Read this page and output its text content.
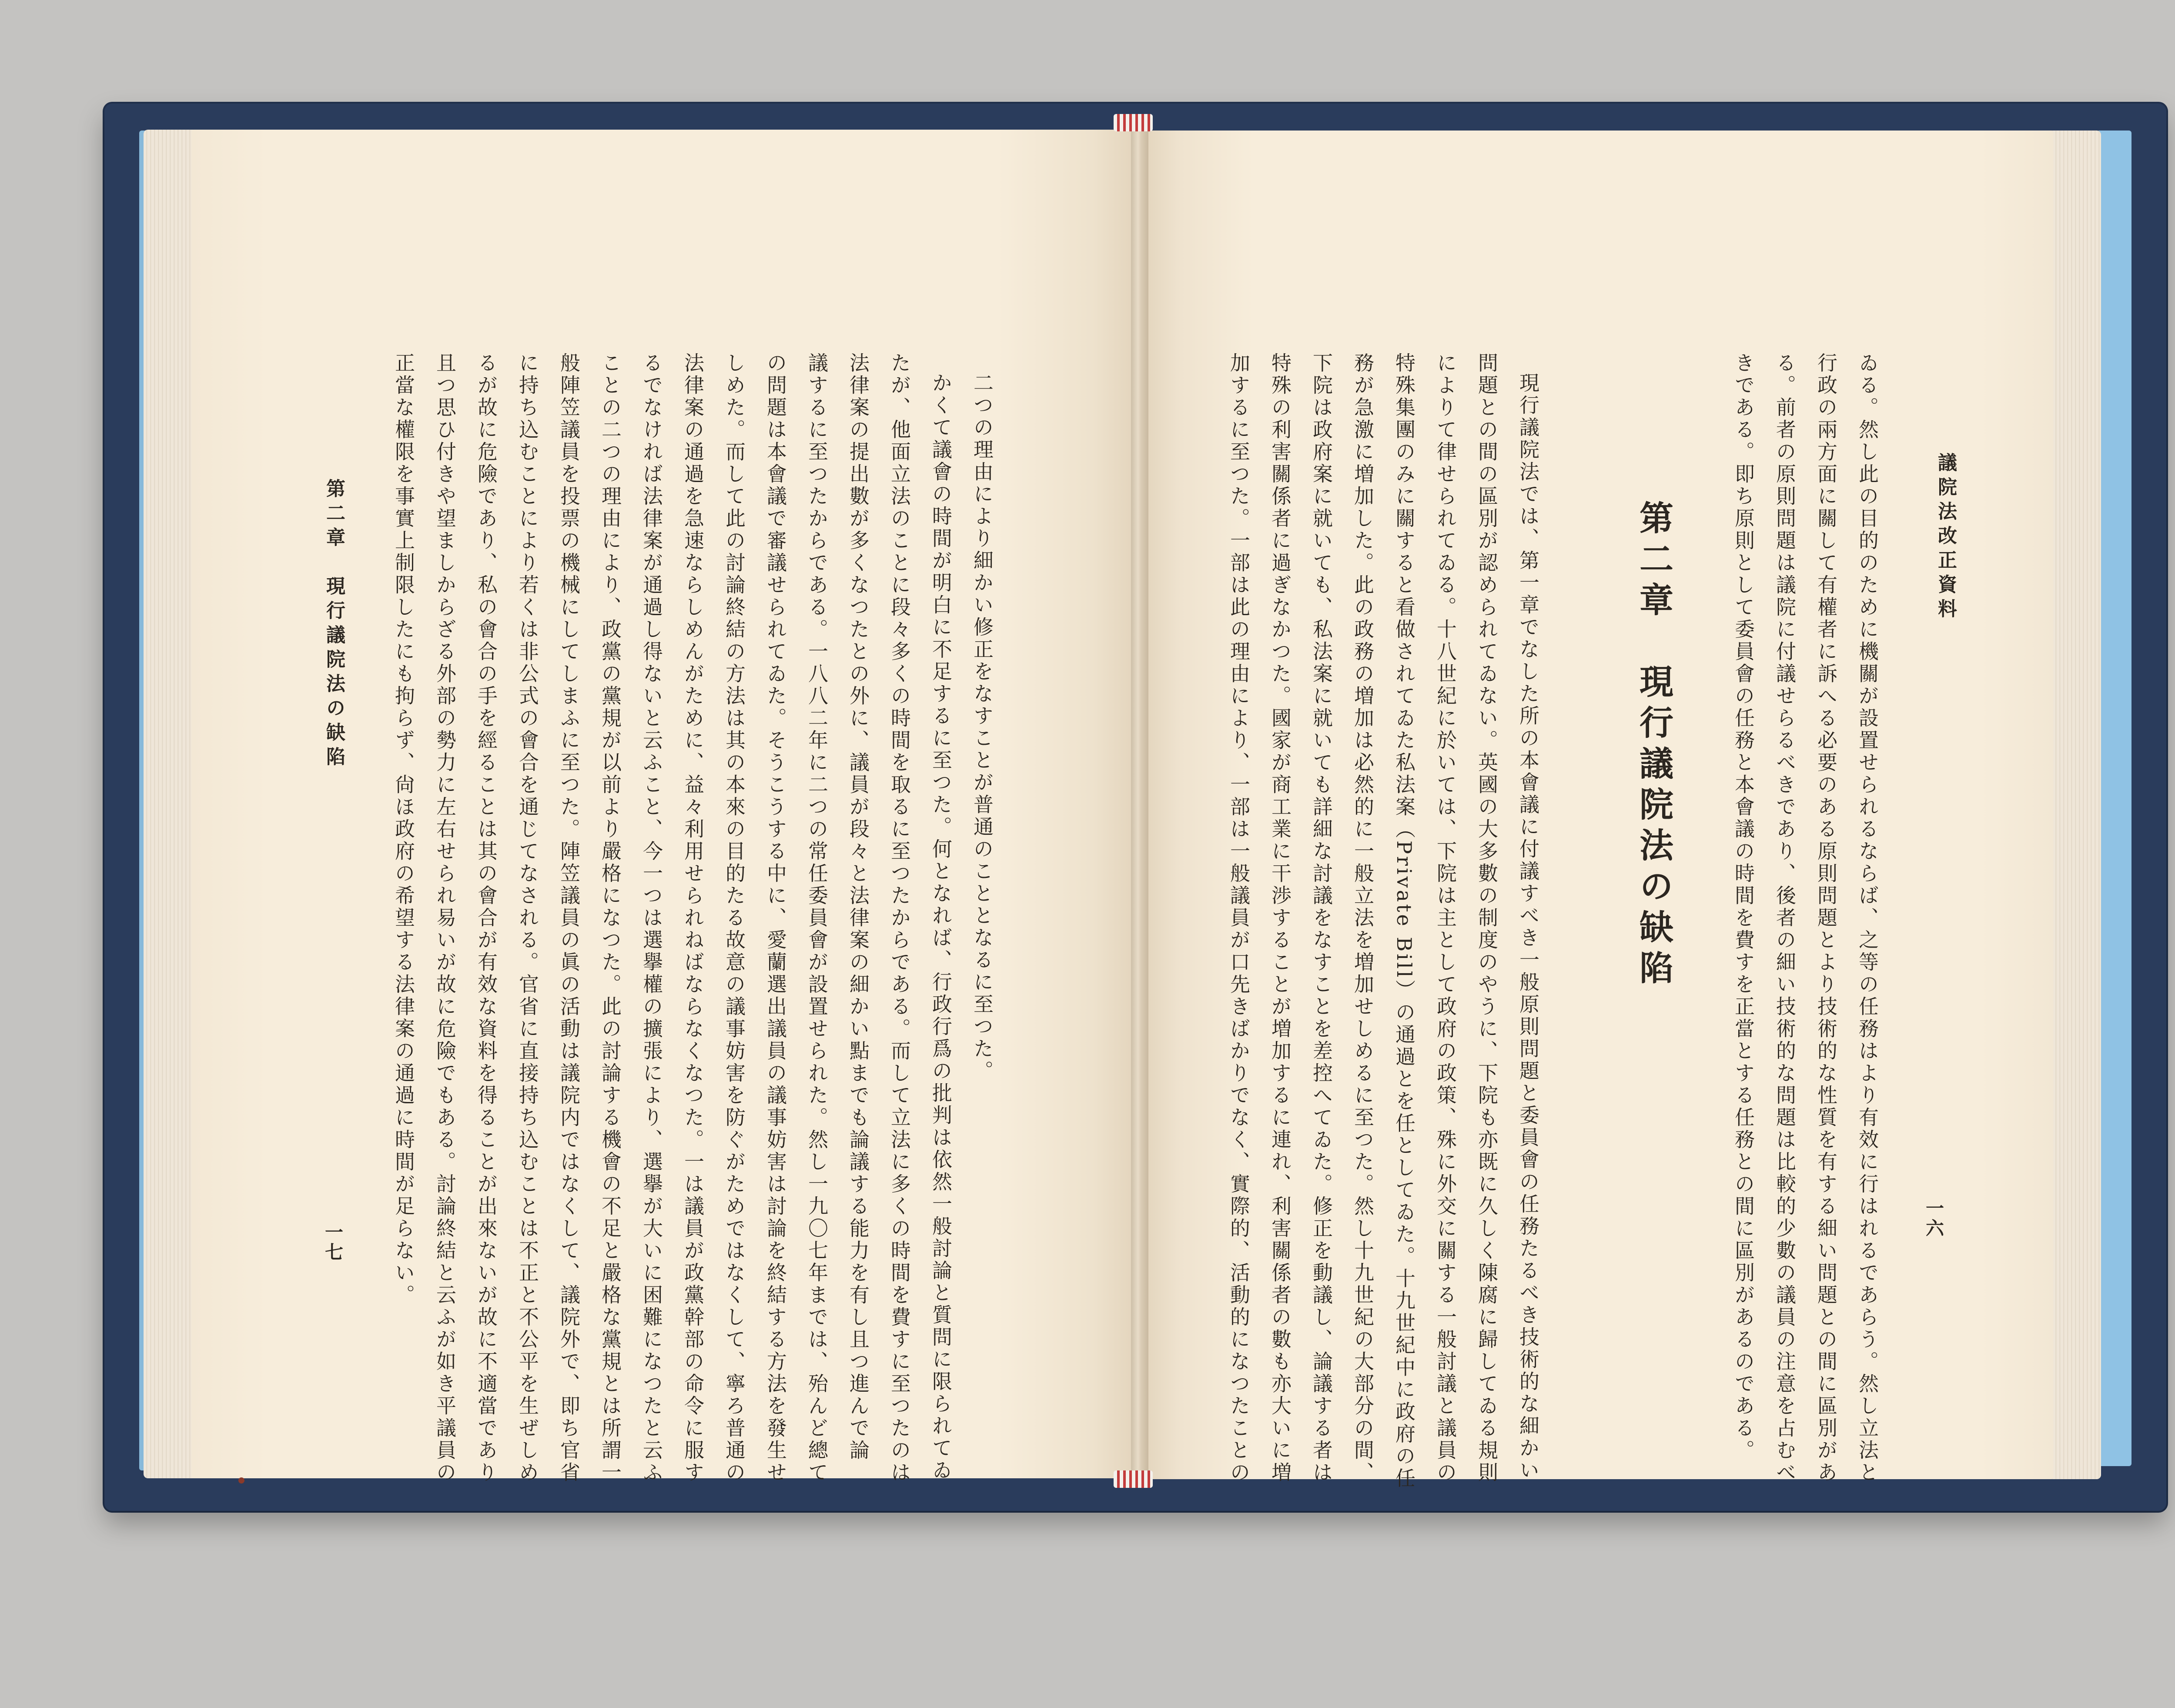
議院法改正資料
一六
ゐる。然し此の目的のために機關が設置せられるならば、之等の任務はより有效に行はれるであらう。然し立法と
行政の兩方面に關して有權者に訴へる必要のある原則問題とより技術的な性質を有する細い問題との間に區別があ
る。前者の原則問題は議院に付議せらるべきであり、後者の細い技術的な問題は比較的少數の議員の注意を占むべ
きである。即ち原則として委員會の任務と本會議の時間を費すを正當とする任務との間に區別があるのである。
第二章　現行議院法の缺陷
現行議院法では、第一章でなした所の本會議に付議すべき一般原則問題と委員會の任務たるべき技術的な細かい
問題との間の區別が認められてゐない。英國の大多數の制度のやうに、下院も亦既に久しく陳腐に歸してゐる規則
によりて律せられてゐる。十八世紀に於いては、下院は主として政府の政策、殊に外交に關する一般討議と議員の
特殊集團のみに關すると看做されてゐた私法案（Private Bill）の通過とを任としてゐた。十九世紀中に政府の任
務が急激に増加した。此の政務の増加は必然的に一般立法を増加せしめるに至つた。然し十九世紀の大部分の間、
下院は政府案に就いても、私法案に就いても詳細な討議をなすことを差控へてゐた。修正を動議し、論議する者は
特殊の利害關係者に過ぎなかつた。國家が商工業に干渉することが増加するに連れ、利害關係者の數も亦大いに増
加するに至つた。一部は此の理由により、一部は一般議員が口先きばかりでなく、實際的、活動的になつたことの
二つの理由により細かい修正をなすことが普通のこととなるに至つた。
かくて議會の時間が明白に不足するに至つた。何となれば、行政行爲の批判は依然一般討論と質問に限られてゐ
たが、他面立法のことに段々多くの時間を取るに至つたからである。而して立法に多くの時間を費すに至つたのは
法律案の提出數が多くなつたとの外に、議員が段々と法律案の細かい點までも論議する能力を有し且つ進んで論
議するに至つたからである。一八八二年に二つの常任委員會が設置せられた。然し一九〇七年までは、殆んど總て
の問題は本會議で審議せられてゐた。そうこうする中に、愛蘭選出議員の議事妨害は討論を終結する方法を發生せ
しめた。而して此の討論終結の方法は其の本來の目的たる故意の議事妨害を防ぐがためではなくして、寧ろ普通の
法律案の通過を急速ならしめんがために、益々利用せられねばならなくなつた。一は議員が政黨幹部の命令に服す
るでなければ法律案が通過し得ないと云ふこと、今一つは選擧權の擴張により、選擧が大いに困難になつたと云ふ
ことの二つの理由により、政黨の黨規が以前より嚴格になつた。此の討論する機會の不足と嚴格な黨規とは所謂一
般陣笠議員を投票の機械にしてしまふに至つた。陣笠議員の眞の活動は議院内ではなくして、議院外で、即ち官省
に持ち込むことにより若くは非公式の會合を通じてなされる。官省に直接持ち込むことは不正と不公平を生ぜしめ
るが故に危險であり、私の會合の手を經ることは其の會合が有效な資料を得ることが出來ないが故に不適當であり
且つ思ひ付きや望ましからざる外部の勢力に左右せられ易いが故に危險でもある。討論終結と云ふが如き平議員の
正當な權限を事實上制限したにも拘らず、尙ほ政府の希望する法律案の通過に時間が足らない。
第二章　現行議院法の缺陷
一七
